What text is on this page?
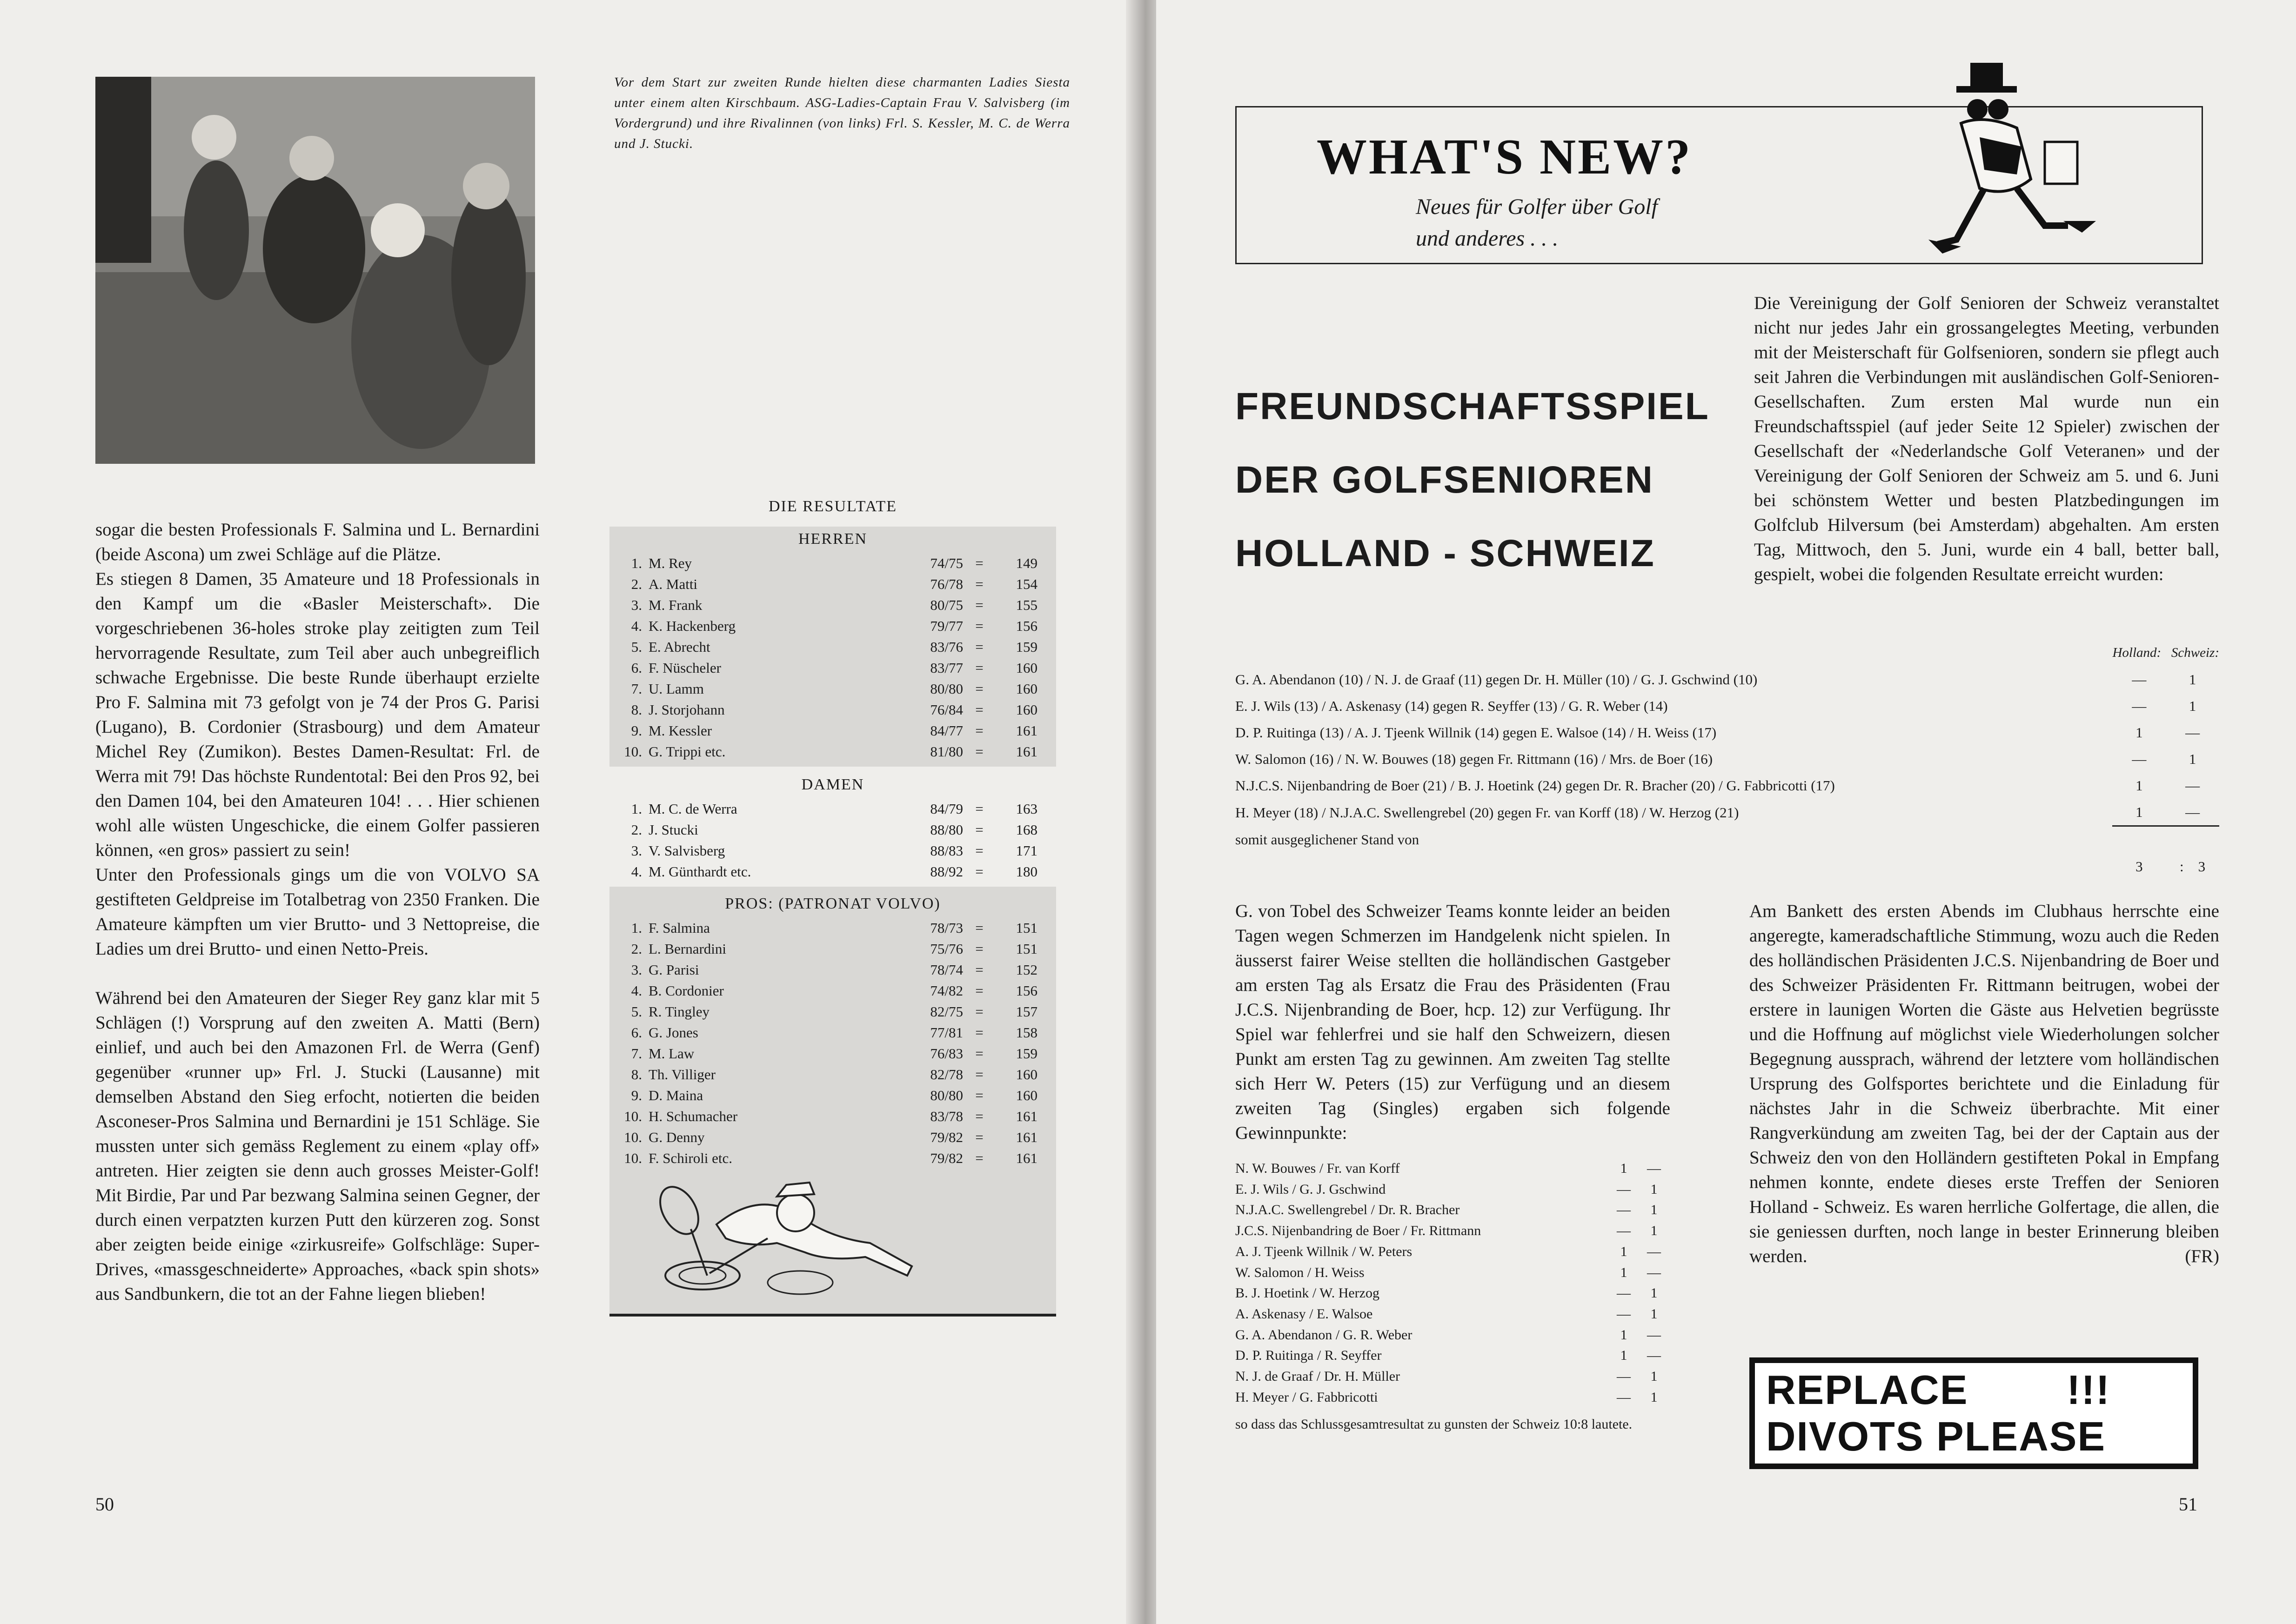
Vor dem Start zur zweiten Runde hielten diese charmanten Ladies Siesta unter einem alten Kirschbaum. ASG-Ladies-Captain Frau V. Salvisberg (im Vordergrund) und ihre Rivalinnen (von links) Frl. S. Kessler, M. C. de Werra und J. Stucki.

sogar die besten Professionals F. Salmina und L. Bernardini (beide Ascona) um zwei Schläge auf die Plätze.

Es stiegen 8 Damen, 35 Amateure und 18 Professionals in den Kampf um die «Basler Meisterschaft». Die vorgeschriebenen 36-holes stroke play zeitigten zum Teil hervorragende Resultate, zum Teil aber auch unbegreiflich schwache Ergebnisse. Die beste Runde überhaupt erzielte Pro F. Salmina mit 73 gefolgt von je 74 der Pros G. Parisi (Lugano), B. Cordonier (Strasbourg) und dem Amateur Michel Rey (Zumikon). Bestes Damen-Resultat: Frl. de Werra mit 79! Das höchste Rundentotal: Bei den Pros 92, bei den Damen 104, bei den Amateuren 104! . . . Hier schienen wohl alle wüsten Ungeschicke, die einem Golfer passieren können, «en gros» passiert zu sein!

Unter den Professionals gings um die von VOLVO SA gestifteten Geldpreise im Totalbetrag von 2350 Franken. Die Amateure kämpften um vier Brutto- und 3 Nettopreise, die Ladies um drei Brutto- und einen Netto-Preis.

Während bei den Amateuren der Sieger Rey ganz klar mit 5 Schlägen (!) Vorsprung auf den zweiten A. Matti (Bern) einlief, und auch bei den Amazonen Frl. de Werra (Genf) gegenüber «runner up» Frl. J. Stucki (Lausanne) mit demselben Abstand den Sieg erfocht, notierten die beiden Asconeser-Pros Salmina und Bernardini je 151 Schläge. Sie mussten unter sich gemäss Reglement zu einem «play off» antreten. Hier zeigten sie denn auch grosses Meister-Golf! Mit Birdie, Par und Par bezwang Salmina seinen Gegner, der durch einen verpatzten kurzen Putt den kürzeren zog. Sonst aber zeigten beide einige «zirkusreife» Golfschläge: Super-Drives, «massgeschneiderte» Approaches, «back spin shots» aus Sandbunkern, die tot an der Fahne liegen blieben!

50
DIE RESULTATE
HERREN
1.	M. Rey	74/75	=	149
2.	A. Matti	76/78	=	154
3.	M. Frank	80/75	=	155
4.	K. Hackenberg	79/77	=	156
5.	E. Abrecht	83/76	=	159
6.	F. Nüscheler	83/77	=	160
7.	U. Lamm	80/80	=	160
8.	J. Storjohann	76/84	=	160
9.	M. Kessler	84/77	=	161
10.	G. Trippi etc.	81/80	=	161
DAMEN
1.	M. C. de Werra	84/79	=	163
2.	J. Stucki	88/80	=	168
3.	V. Salvisberg	88/83	=	171
4.	M. Günthardt etc.	88/92	=	180
PROS: (PATRONAT VOLVO)
1.	F. Salmina	78/73	=	151
2.	L. Bernardini	75/76	=	151
3.	G. Parisi	78/74	=	152
4.	B. Cordonier	74/82	=	156
5.	R. Tingley	82/75	=	157
6.	G. Jones	77/81	=	158
7.	M. Law	76/83	=	159
8.	Th. Villiger	82/78	=	160
9.	D. Maina	80/80	=	160
10.	H. Schumacher	83/78	=	161
10.	G. Denny	79/82	=	161
10.	F. Schiroli etc.	79/82	=	161
WHAT'S NEW?
Neues für Golfer über Golf
und anderes . . .
FREUNDSCHAFTSSPIEL
DER GOLFSENIOREN
HOLLAND - SCHWEIZ
Die Vereinigung der Golf Senioren der Schweiz veranstaltet nicht nur jedes Jahr ein grossangelegtes Meeting, verbunden mit der Meisterschaft für Golfsenioren, sondern sie pflegt auch seit Jahren die Verbindungen mit ausländischen Golf-Senioren-Gesellschaften. Zum ersten Mal wurde nun ein Freundschaftsspiel (auf jeder Seite 12 Spieler) zwischen der Gesellschaft der «Nederlandsche Golf Veteranen» und der Vereinigung der Golf Senioren der Schweiz am 5. und 6. Juni bei schönstem Wetter und besten Platzbedingungen im Golfclub Hilversum (bei Amsterdam) abgehalten. Am ersten Tag, Mittwoch, den 5. Juni, wurde ein 4 ball, better ball, gespielt, wobei die folgenden Resultate erreicht wurden:
	Holland: Schweiz:	
G. A. Abendanon (10) / N. J. de Graaf (11) gegen Dr. H. Müller (10) / G. J. Gschwind (10)	—	1
E. J. Wils (13) / A. Askenasy (14) gegen R. Seyffer (13) / G. R. Weber (14)	—	1
D. P. Ruitinga (13) / A. J. Tjeenk Willnik (14) gegen E. Walsoe (14) / H. Weiss (17)	1	—
W. Salomon (16) / N. W. Bouwes (18) gegen Fr. Rittmann (16) / Mrs. de Boer (16)	—	1
N.J.C.S. Nijenbandring de Boer (21) / B. J. Hoetink (24) gegen Dr. R. Bracher (20) / G. Fabbricotti (17)	1	—
H. Meyer (18) / N.J.A.C. Swellengrebel (20) gegen Fr. van Korff (18) / W. Herzog (21)	1	—
somit ausgeglichener Stand von		
	3	: 3
G. von Tobel des Schweizer Teams konnte leider an beiden Tagen wegen Schmerzen im Handgelenk nicht spielen. In äusserst fairer Weise stellten die holländischen Gastgeber am ersten Tag als Ersatz die Frau des Präsidenten (Frau J.C.S. Nijenbranding de Boer, hcp. 12) zur Verfügung. Ihr Spiel war fehlerfrei und sie half den Schweizern, diesen Punkt am ersten Tag zu gewinnen. Am zweiten Tag stellte sich Herr W. Peters (15) zur Verfügung und an diesem zweiten Tag (Singles) ergaben sich folgende Gewinnpunkte:
N. W. Bouwes / Fr. van Korff	1	—
E. J. Wils / G. J. Gschwind	—	1
N.J.A.C. Swellengrebel / Dr. R. Bracher	—	1
J.C.S. Nijenbandring de Boer / Fr. Rittmann	—	1
A. J. Tjeenk Willnik / W. Peters	1	—
W. Salomon / H. Weiss	1	—
B. J. Hoetink / W. Herzog	—	1
A. Askenasy / E. Walsoe	—	1
G. A. Abendanon / G. R. Weber	1	—
D. P. Ruitinga / R. Seyffer	1	—
N. J. de Graaf / Dr. H. Müller	—	1
H. Meyer / G. Fabbricotti	—	1
so dass das Schlussgesamtresultat zu gunsten der Schweiz 10:8 lautete.
Am Bankett des ersten Abends im Clubhaus herrschte eine angeregte, kameradschaftliche Stimmung, wozu auch die Reden des holländischen Präsidenten J.C.S. Nijenbandring de Boer und des Schweizer Präsidenten Fr. Rittmann beitrugen, wobei der erstere in launigen Worten die Gäste aus Helvetien begrüsste und die Hoffnung auf möglichst viele Wiederholungen solcher Begegnung aussprach, während der letztere vom holländischen Ursprung des Golfsportes berichtete und die Einladung für nächstes Jahr in die Schweiz überbrachte. Mit einer Rangverkündung am zweiten Tag, bei der der Captain aus der Schweiz den von den Holländern gestifteten Pokal in Empfang nehmen konnte, endete dieses erste Treffen der Senioren Holland - Schweiz. Es waren herrliche Golfertage, die allen, die sie geniessen durften, noch lange in bester Erinnerung bleiben werden.	(FR)
REPLACE        !!!
DIVOTS PLEASE
51
